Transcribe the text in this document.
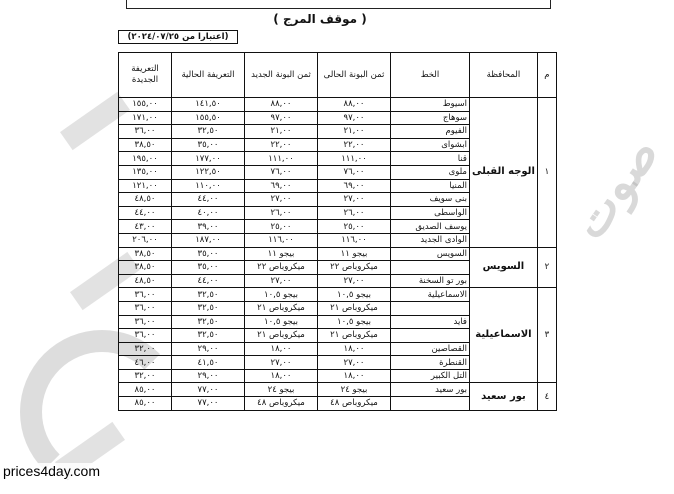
صوت
( موقف المرج )
(اعتبارا من ٢٠٢٤/٠٧/٢٥)
م	المحافظة	الخط	ثمن البونة الحالى	ثمن البونة الجديد	التعريفة الحالية	التعريفة الجديدة
١	الوجه القبلى	اسيوط	٨٨,٠٠	٨٨,٠٠	١٤١,٥٠	١٥٥,٠٠
		سوهاج	٩٧,٠٠	٩٧,٠٠	١٥٥,٥٠	١٧١,٠٠
		الفيوم	٢١,٠٠	٢١,٠٠	٣٢,٥٠	٣٦,٠٠
		ابشواى	٢٢,٠٠	٢٢,٠٠	٣٥,٠٠	٣٨,٥٠
		قنا	١١١,٠٠	١١١,٠٠	١٧٧,٠٠	١٩٥,٠٠
		ملوى	٧٦,٠٠	٧٦,٠٠	١٢٢,٥٠	١٣٥,٠٠
		المنيا	٦٩,٠٠	٦٩,٠٠	١١٠,٠٠	١٢١,٠٠
		بنى سويف	٢٧,٠٠	٢٧,٠٠	٤٤,٠٠	٤٨,٥٠
		الواسطى	٢٦,٠٠	٢٦,٠٠	٤٠,٠٠	٤٤,٠٠
		يوسف الصديق	٢٥,٠٠	٢٥,٠٠	٣٩,٠٠	٤٣,٠٠
		الوادى الجديد	١١٦,٠٠	١١٦,٠٠	١٨٧,٠٠	٢٠٦,٠٠
٢	السويس	السويس	بيجو ١١	بيجو ١١	٣٥,٠٠	٣٨,٥٠
			ميكروباص ٢٢	ميكروباص ٢٢	٣٥,٠٠	٣٨,٥٠
		بور تو السخنة	٢٧,٠٠	٢٧,٠٠	٤٤,٠٠	٤٨,٥٠
٣	الاسماعيلية	الاسماعيلية	بيجو ١٠,٥	بيجو ١٠,٥	٣٢,٥٠	٣٦,٠٠
			ميكروباص ٢١	ميكروباص ٢١	٣٢,٥٠	٣٦,٠٠
		فايد	بيجو ١٠,٥	بيجو ١٠,٥	٣٢,٥٠	٣٦,٠٠
			ميكروباص ٢١	ميكروباص ٢١	٣٢,٥٠	٣٦,٠٠
		القصاصين	١٨,٠٠	١٨,٠٠	٢٩,٠٠	٣٢,٠٠
		القنطرة	٢٧,٠٠	٢٧,٠٠	٤١,٥٠	٤٦,٠٠
		التل الكبير	١٨,٠٠	١٨,٠٠	٢٩,٠٠	٣٢,٠٠
٤	بور سعيد	بور سعيد	بيجو ٢٤	بيجو ٢٤	٧٧,٠٠	٨٥,٠٠
			ميكروباص ٤٨	ميكروباص ٤٨	٧٧,٠٠	٨٥,٠٠
prices4day.com
